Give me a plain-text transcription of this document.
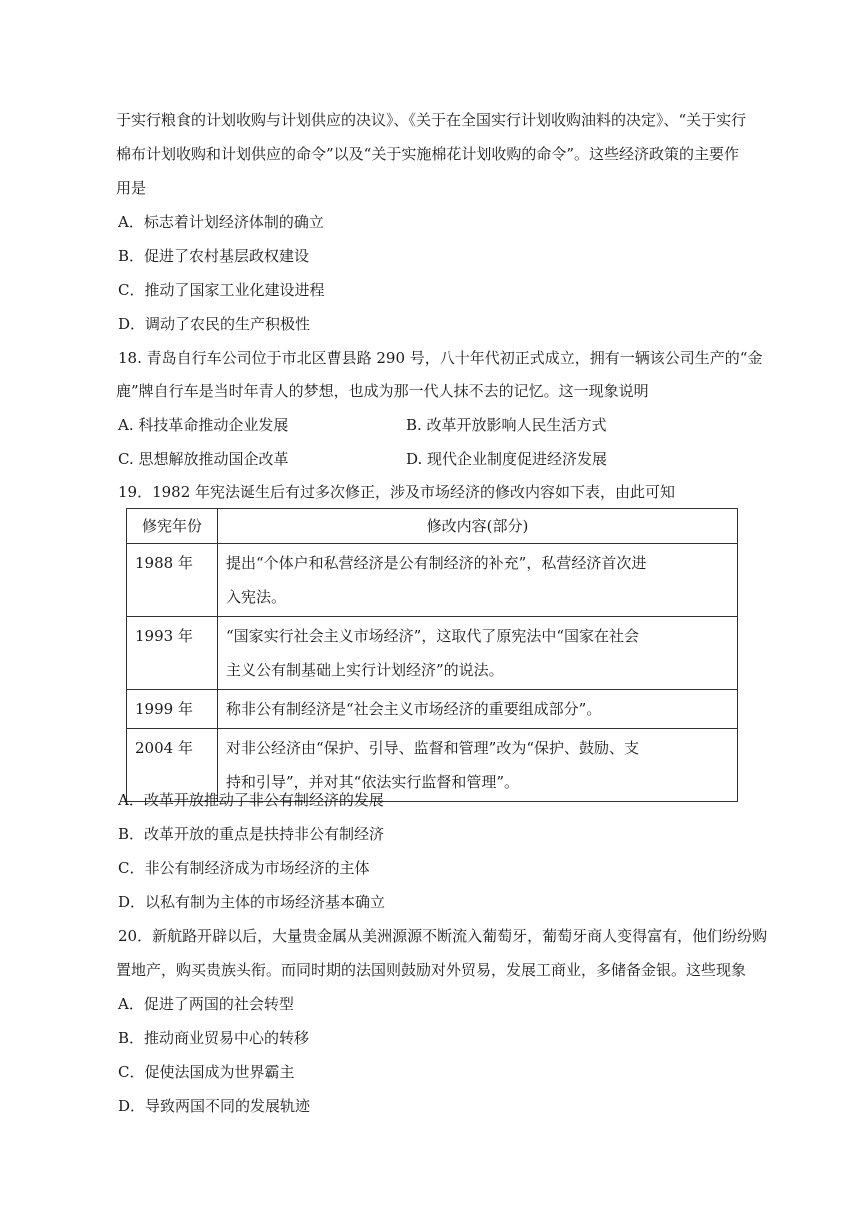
于实行粮食的计划收购与计划供应的决议》、《关于在全国实行计划收购油料的决定》、“关于实行
棉布计划收购和计划供应的命令”以及“关于实施棉花计划收购的命令”。这些经济政策的主要作
用是
A．标志着计划经济体制的确立
B．促进了农村基层政权建设
C．推动了国家工业化建设进程
D．调动了农民的生产积极性
18. 青岛自行车公司位于市北区曹县路 290 号，八十年代初正式成立，拥有一辆该公司生产的“金
鹿”牌自行车是当时年青人的梦想，也成为那一代人抹不去的记忆。这一现象说明
A. 科技革命推动企业发展	B. 改革开放影响人民生活方式
C. 思想解放推动国企改革	D. 现代企业制度促进经济发展
19．1982 年宪法诞生后有过多次修正，涉及市场经济的修改内容如下表，由此可知
修宪年份	修改内容(部分)
1988 年	提出“个体户和私营经济是公有制经济的补充”，私营经济首次进
入宪法。

1993 年	“国家实行社会主义市场经济”，这取代了原宪法中“国家在社会
主义公有制基础上实行计划经济”的说法。

1999 年	称非公有制经济是“社会主义市场经济的重要组成部分”。

2004 年	对非公经济由“保护、引导、监督和管理”改为“保护、鼓励、支
持和引导”，并对其“依法实行监督和管理”。
A．改革开放推动了非公有制经济的发展
B．改革开放的重点是扶持非公有制经济
C．非公有制经济成为市场经济的主体
D．以私有制为主体的市场经济基本确立
20．新航路开辟以后，大量贵金属从美洲源源不断流入葡萄牙，葡萄牙商人变得富有，他们纷纷购
置地产，购买贵族头衔。而同时期的法国则鼓励对外贸易，发展工商业，多储备金银。这些现象
A．促进了两国的社会转型
B．推动商业贸易中心的转移
C．促使法国成为世界霸主
D．导致两国不同的发展轨迹
